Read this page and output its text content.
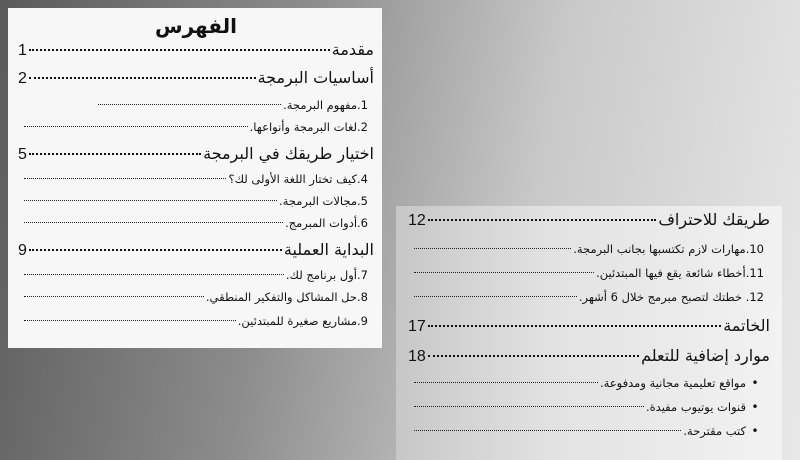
الفهرس
مقدمة
1
أساسيات البرمجة
2
1.مفهوم البرمجة.
2.لغات البرمجة وأنواعها.
اختيار طريقك في البرمجة
5
4.كيف تختار اللغة الأولى لك؟
5.مجالات البرمجة.
6.أدوات المبرمج.
البداية العملية
9
7.أول برنامج لك.
8.حل المشاكل والتفكير المنطقي.
9.مشاريع صغيرة للمبتدئين.
طريقك للاحتراف
12
10.مهارات لازم تكتسبها بجانب البرمجة.
11.أخطاء شائعة يقع فيها المبتدئين.
12. خطتك لتصبح مبرمج خلال 6 أشهر.
الخاتمة
17
موارد إضافية للتعلم
18
•
مواقع تعليمية مجانية ومدفوعة.
•
قنوات يوتيوب مفيدة.
•
كتب مقترحة.
